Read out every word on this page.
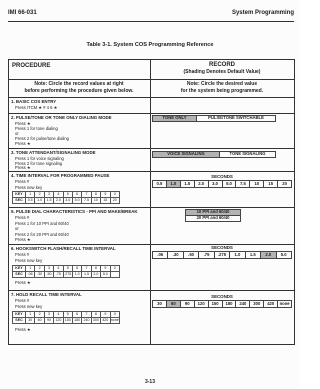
IMI 66-031	System Programming
Table 3-1. System COS Programming Reference
PROCEDURE	RECORD
(Shading Denotes Default Value)
Note: Circle the record values at right
before performing the procedure given below.
Note: Circle the desired value
for the system being programmed.
1. BASIC COS ENTRY
Press ITCM ★ # 4 6 ★
2. PULSE/TONE OR TONE ONLY DIALING MODE
Press ★
Press 1 for tone dialing
or
Press 2 for pulse/tone dialing
Press ★
TONE ONLY	PULSE/TONE SWITCHABLE
3. TONE ATTENDANT/SIGNALING MODE
Press 1 for voice signaling
Press 2 for tone signaling
Press ★
VOICE SIGNALING	TONE SIGNALING
4. TIME INTERVAL FOR PROGRAMMED PAUSE
Press #
Press new key
KEY	1	2	3	4	5	6	7	8	9	0
SEC	0.5	1.0	1.5	2.0	3.0	5.0	7.5	10	15	20
SECONDS
0.5	1.0	1.5	2.0	3.0	5.0	7.5	10	15	20
5. PULSE DIAL CHARACTERISTICS - PPI AND MAKE/BREAK
Press #
Press 1 for 10 PPI and 60/40
or
Press 2 for 20 PPI and 60/40
Press ★
10 PPI and 60/40
20 PPI and 60/40
6. HOOKSWITCH FLASH/RECALL TIME INTERVAL
Press #
Press new key
KEY	1	2	3	4	5	6	7	8	9	0
SEC	.06	.30	.50	.75	.275	1.0	1.5	2.0	5.0	
Press ★
SECONDS
.06	.30	.50	.75	.275	1.0	1.5	2.0	5.0
7. HOLD RECALL TIME INTERVAL
Press #
Press new key
KEY	1	2	3	4	5	6	7	8	9	0
SEC	30	60	90	120	150	180	240	300	420	none
Press ★
SECONDS
30	60	90	120	150	180	240	300	420	none
3-13
